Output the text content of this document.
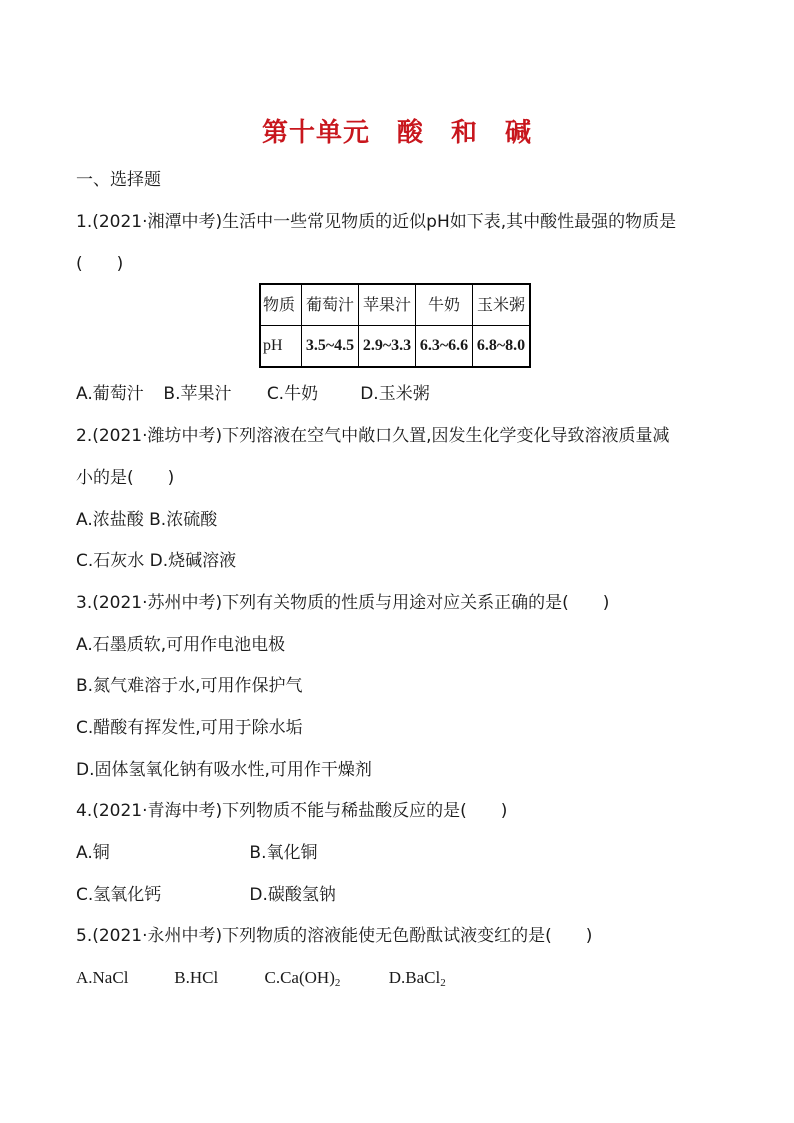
第十单元　酸　和　碱
一、选择题
1.(2021·湘潭中考)生活中一些常见物质的近似pH如下表,其中酸性最强的物质是
(　　)
物质	葡萄汁	苹果汁	牛奶	玉米粥
pH	3.5~4.5	2.9~3.3	6.3~6.6	6.8~8.0
A.葡萄汁 B.苹果汁 C.牛奶 D.玉米粥
2.(2021·潍坊中考)下列溶液在空气中敞口久置,因发生化学变化导致溶液质量减
小的是(　　)
A.浓盐酸 B.浓硫酸
C.石灰水 D.烧碱溶液
3.(2021·苏州中考)下列有关物质的性质与用途对应关系正确的是(　　)
A.石墨质软,可用作电池电极
B.氮气难溶于水,可用作保护气
C.醋酸有挥发性,可用于除水垢
D.固体氢氧化钠有吸水性,可用作干燥剂
4.(2021·青海中考)下列物质不能与稀盐酸反应的是(　　)
A.铜	B.氧化铜
C.氢氧化钙	D.碳酸氢钠
5.(2021·永州中考)下列物质的溶液能使无色酚酞试液变红的是(　　)
A.NaCl	B.HCl	$C.Ca(OH)_2$	D.BaCl$_2$
